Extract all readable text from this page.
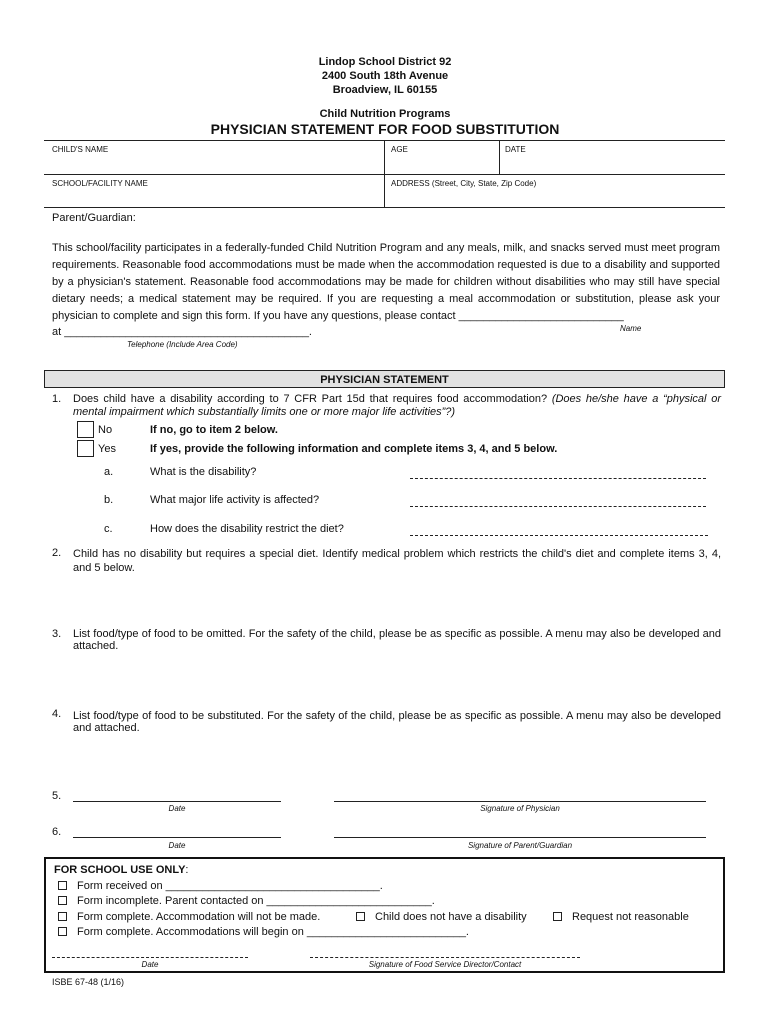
Lindop School District 92
2400 South 18th Avenue
Broadview, IL 60155
Child Nutrition Programs
PHYSICIAN STATEMENT FOR FOOD SUBSTITUTION
CHILD'S NAME	AGE	DATE
SCHOOL/FACILITY NAME	ADDRESS (Street, City, State, Zip Code)
Parent/Guardian:
This school/facility participates in a federally-funded Child Nutrition Program and any meals, milk, and snacks served must meet program requirements. Reasonable food accommodations must be made when the accommodation requested is due to a disability and supported by a physician's statement. Reasonable food accommodations may be made for children without disabilities who may still have special dietary needs; a medical statement may be required. If you are requesting a meal accommodation or substitution, please ask your physician to complete and sign this form. If you have any questions, please contact ___________________________
at ________________________________________.	Name
Telephone (Include Area Code)
PHYSICIAN STATEMENT
1. Does child have a disability according to 7 CFR Part 15d that requires food accommodation? (Does he/she have a “physical or mental impairment which substantially limits one or more major life activities”?)
No	If no, go to item 2 below.
Yes	If yes, provide the following information and complete items 3, 4, and 5 below.
a.	What is the disability?
b.	What major life activity is affected?
c.	How does the disability restrict the diet?
2. Child has no disability but requires a special diet. Identify medical problem which restricts the child's diet and complete items 3, 4, and 5 below.
3. List food/type of food to be omitted. For the safety of the child, please be as specific as possible. A menu may also be developed and attached.
4. List food/type of food to be substituted. For the safety of the child, please be as specific as possible. A menu may also be developed and attached.
5.
Date	Signature of Physician
6.
Date	Signature of Parent/Guardian
FOR SCHOOL USE ONLY:
Form received on ___________________________________.
Form incomplete. Parent contacted on ___________________________.
Form complete. Accommodation will not be made.	Child does not have a disability	Request not reasonable
Form complete. Accommodations will begin on __________________________.
Date	Signature of Food Service Director/Contact
ISBE 67-48 (1/16)
